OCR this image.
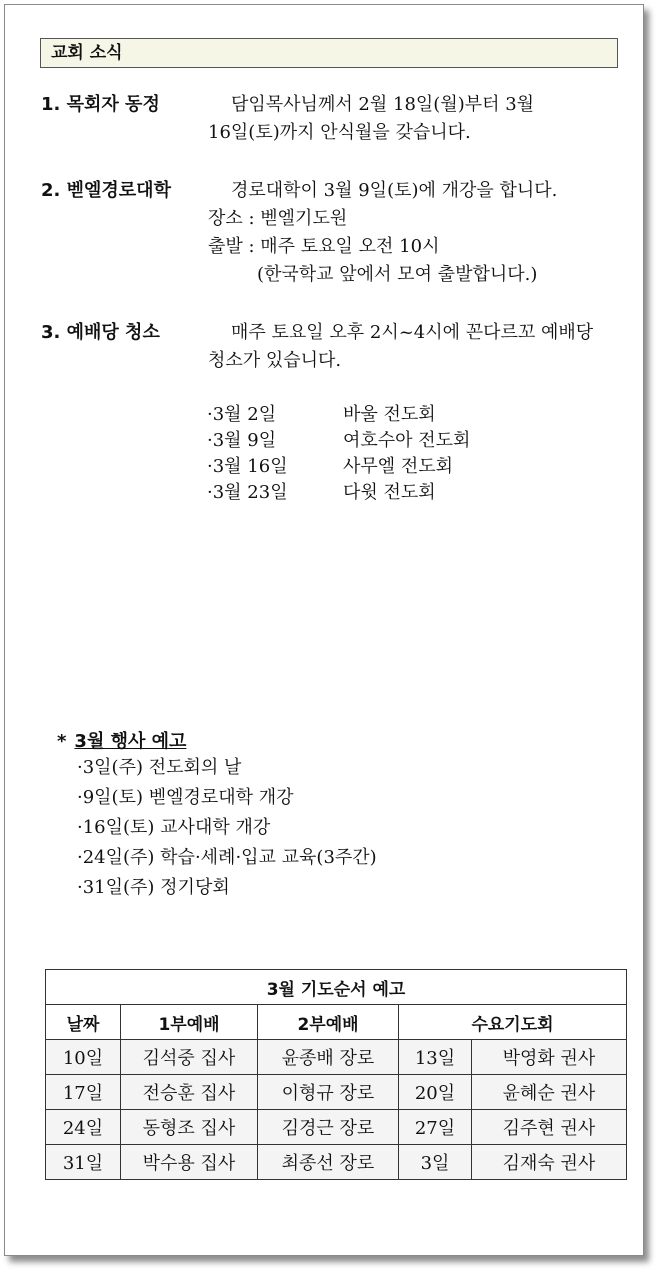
교회 소식
1. 목회자 동정	담임목사님께서 2월 18일(월)부터 3월
16일(토)까지 안식월을 갖습니다.
2. 벧엘경로대학	경로대학이 3월 9일(토)에 개강을 합니다.
장소 : 벧엘기도원
출발 : 매주 토요일 오전 10시
(한국학교 앞에서 모여 출발합니다.)
3. 예배당 청소	매주 토요일 오후 2시~4시에 꼰다르꼬 예배당
청소가 있습니다.
·3월 2일	바울 전도회
·3월 9일	여호수아 전도회
·3월 16일	사무엘 전도회
·3월 23일	다윗 전도회
* 3월 행사 예고
·3일(주) 전도회의 날
·9일(토) 벧엘경로대학 개강
·16일(토) 교사대학 개강
·24일(주) 학습·세례·입교 교육(3주간)
·31일(주) 정기당회
3월 기도순서 예고				
날짜	1부예배	2부예배	수요기도회	
10일	김석중 집사	윤종배 장로	13일	박영화 권사
17일	전승훈 집사	이형규 장로	20일	윤혜순 권사
24일	동형조 집사	김경근 장로	27일	김주현 권사
31일	박수용 집사	최종선 장로	3일	김재숙 권사
